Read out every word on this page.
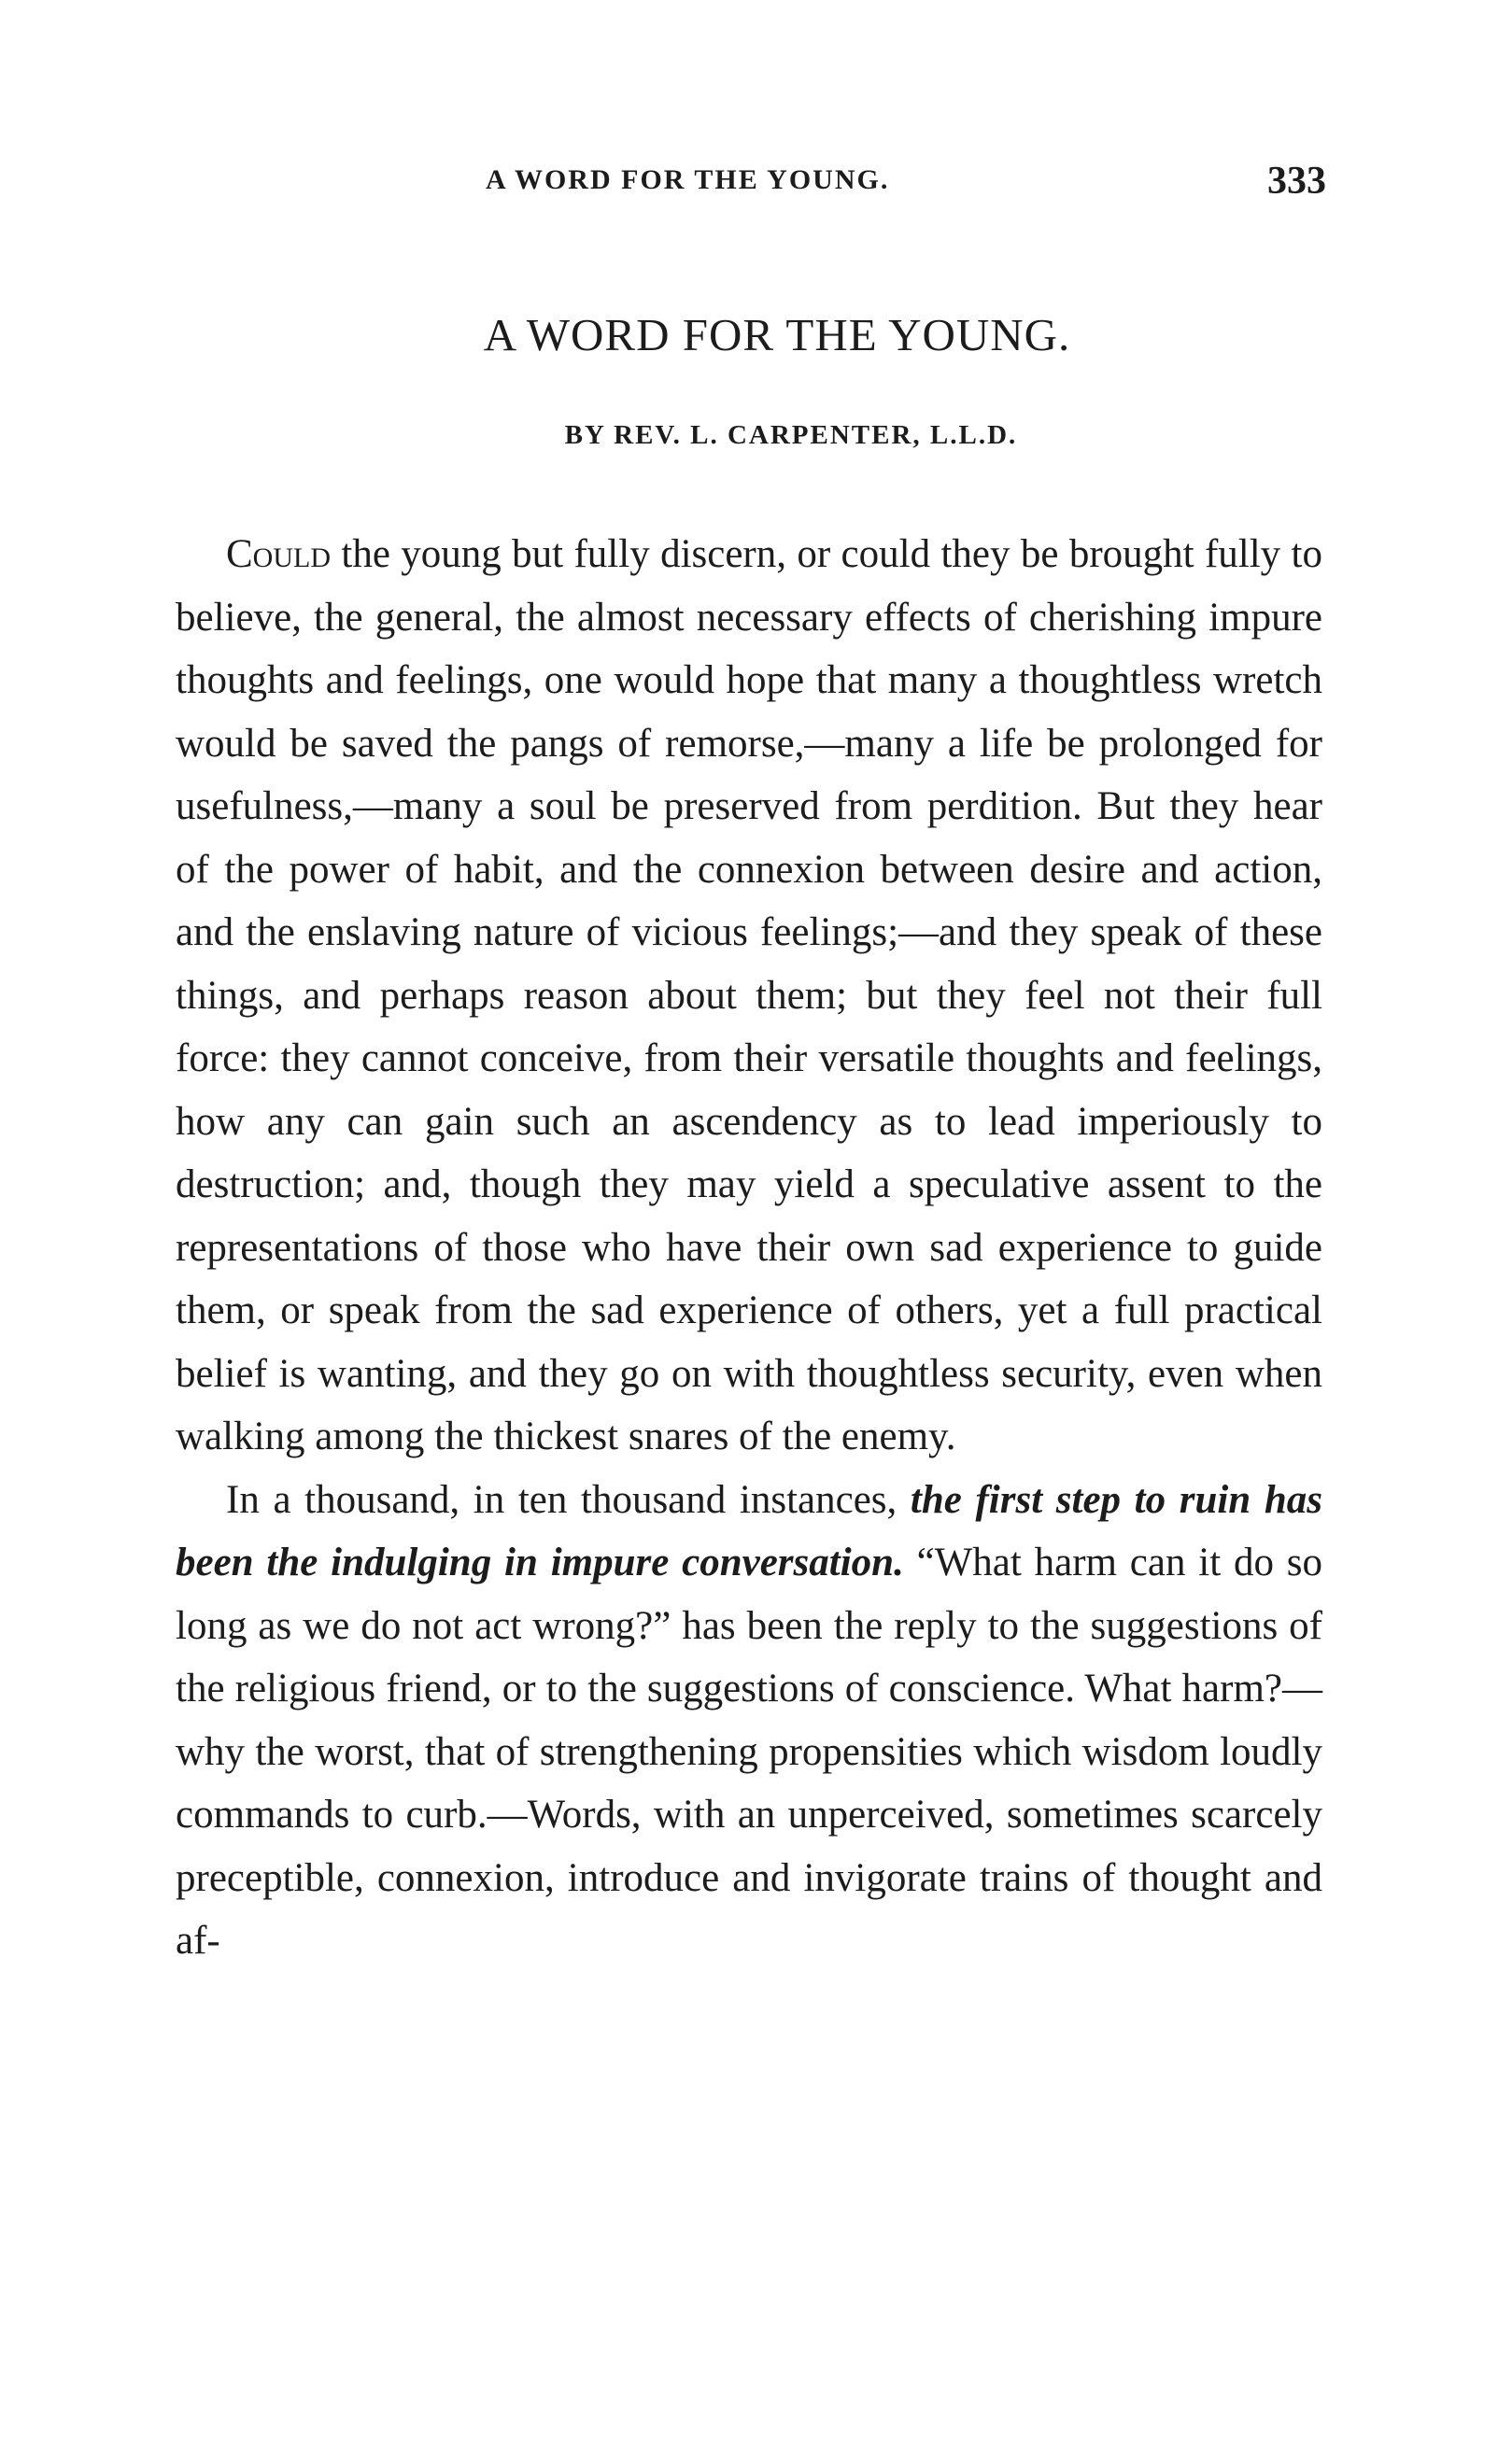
A WORD FOR THE YOUNG.	333
A WORD FOR THE YOUNG.
BY REV. L. CARPENTER, L.L.D.

Could the young but fully discern, or could they be brought fully to believe, the general, the almost necessary effects of cherishing impure thoughts and feelings, one would hope that many a thoughtless wretch would be saved the pangs of remorse,—many a life be prolonged for usefulness,—many a soul be preserved from perdition. But they hear of the power of habit, and the connexion between desire and action, and the enslaving nature of vicious feelings;—and they speak of these things, and perhaps reason about them; but they feel not their full force: they cannot conceive, from their versatile thoughts and feelings, how any can gain such an ascendency as to lead imperiously to destruction; and, though they may yield a speculative assent to the representations of those who have their own sad experience to guide them, or speak from the sad experience of others, yet a full practical belief is wanting, and they go on with thoughtless security, even when walking among the thickest snares of the enemy.

In a thousand, in ten thousand instances, the first step to ruin has been the indulging in impure conversation. “What harm can it do so long as we do not act wrong?” has been the reply to the suggestions of the religious friend, or to the suggestions of conscience. What harm?—why the worst, that of strengthening propensities which wisdom loudly commands to curb.—Words, with an unperceived, sometimes scarcely preceptible, connexion, introduce and invigorate trains of thought and af-
